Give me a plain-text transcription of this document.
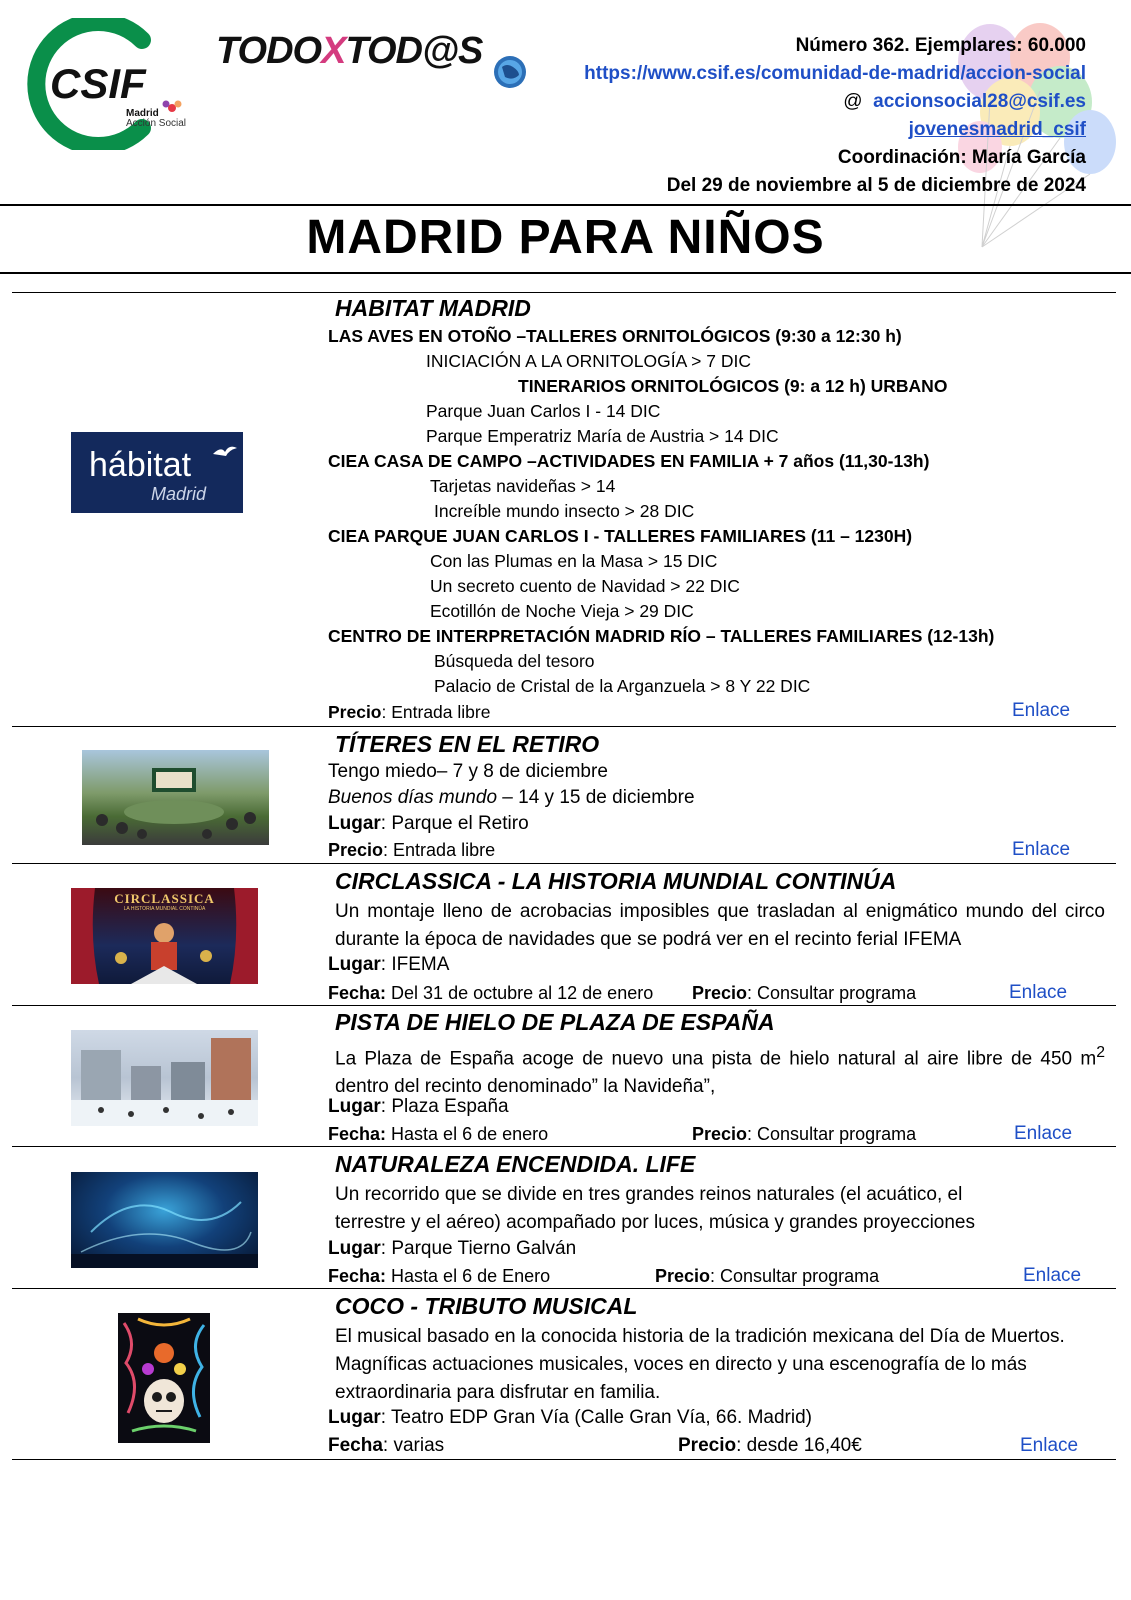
CSIF
Madrid
Acción Social
TODOXTOD@S	Número 362. Ejemplares: 60.000
https://www.csif.es/comunidad-de-madrid/accion-social
@ accionsocial28@csif.es
jovenesmadrid_csif
Coordinación: María García
Del 29 de noviembre al 5 de diciembre de 2024
MADRID PARA NIÑOS
hábitat
Madrid
HABITAT MADRID
LAS AVES EN OTOÑO –TALLERES ORNITOLÓGICOS (9:30 a 12:30 h)
INICIACIÓN A LA ORNITOLOGÍA > 7 DIC
TINERARIOS ORNITOLÓGICOS (9: a 12 h) URBANO
Parque Juan Carlos I - 14 DIC
Parque Emperatriz María de Austria > 14 DIC
CIEA CASA DE CAMPO –ACTIVIDADES EN FAMILIA + 7 años (11,30-13h)
Tarjetas navideñas > 14
Increíble mundo insecto > 28 DIC
CIEA PARQUE JUAN CARLOS I - TALLERES FAMILIARES (11 – 1230H)
Con las Plumas en la Masa > 15 DIC
Un secreto cuento de Navidad > 22 DIC
Ecotillón de Noche Vieja > 29 DIC
CENTRO DE INTERPRETACIÓN MADRID RÍO – TALLERES FAMILIARES (12-13h)
Búsqueda del tesoro
Palacio de Cristal de la Arganzuela > 8 Y 22 DIC
Precio: Entrada libre	Enlace
TÍTERES EN EL RETIRO
Tengo miedo– 7 y 8 de diciembre
Buenos días mundo – 14 y 15 de diciembre
Lugar: Parque el Retiro
Precio: Entrada libre	Enlace
CIRCLASSICA
LA HISTORIA MUNDIAL CONTINÚA
CIRCLASSICA - LA HISTORIA MUNDIAL CONTINÚA
Un montaje lleno de acrobacias imposibles que trasladan al enigmático mundo del circo durante la época de navidades que se podrá ver en el recinto ferial IFEMA
Lugar: IFEMA
Fecha: Del 31 de octubre al 12 de enero Precio: Consultar programa	Enlace
PISTA DE HIELO DE PLAZA DE ESPAÑA
La Plaza de España acoge de nuevo una pista de hielo natural al aire libre de 450 $m^2$ dentro del recinto denominado” la Navideña”,
Lugar: Plaza España
Fecha: Hasta el 6 de enero	Precio: Consultar programa	Enlace
NATURALEZA ENCENDIDA. LIFE
Un recorrido que se divide en tres grandes reinos naturales (el acuático, el terrestre y el aéreo) acompañado por luces, música y grandes proyecciones
Lugar: Parque Tierno Galván
Fecha: Hasta el 6 de Enero	Precio: Consultar programa	Enlace
COCO - TRIBUTO MUSICAL
El musical basado en la conocida historia de la tradición mexicana del Día de Muertos. Magníficas actuaciones musicales, voces en directo y una escenografía de lo más extraordinaria para disfrutar en familia.
Lugar: Teatro EDP Gran Vía (Calle Gran Vía, 66. Madrid)
Fecha: varias	Precio: desde 16,40€	Enlace
